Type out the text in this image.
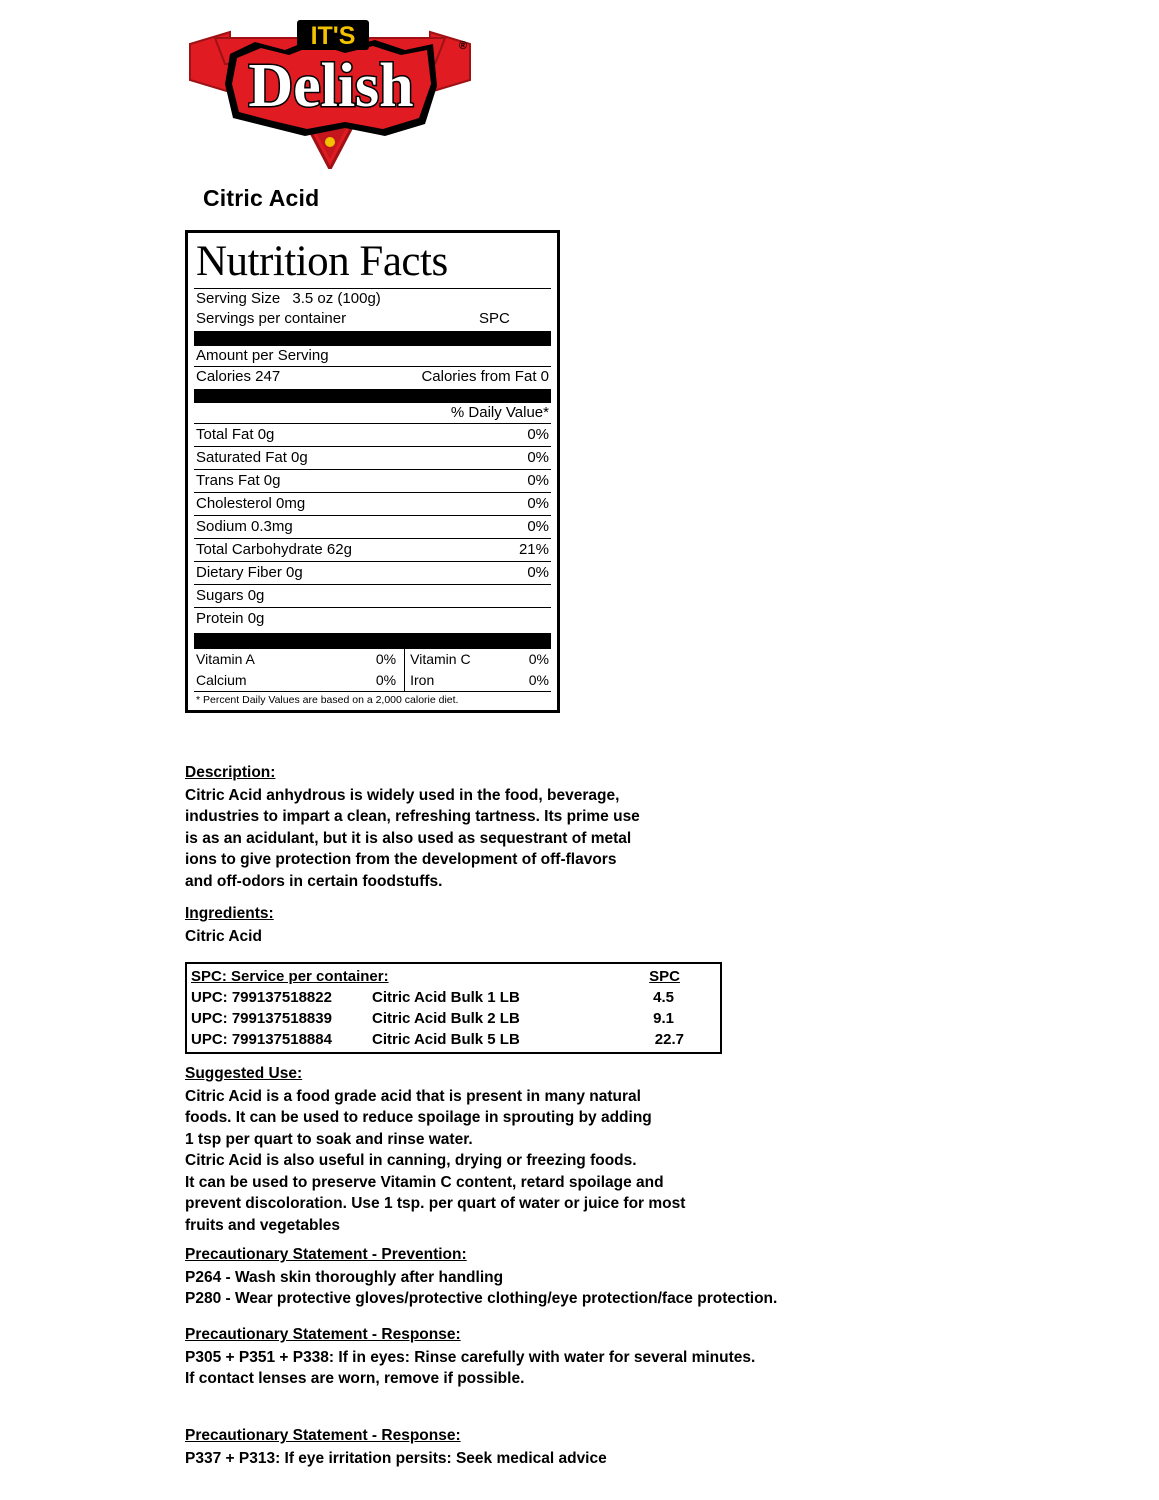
IT'S
Delish
®
Citric Acid
Nutrition Facts
Serving Size 3.5 oz (100g)
Servings per container	SPC
Amount per Serving
Calories 247	Calories from Fat 0
% Daily Value*
Total Fat 0g	0%
Saturated Fat 0g	0%
Trans Fat 0g	0%
Cholesterol 0mg	0%
Sodium 0.3mg	0%
Total Carbohydrate 62g	21%
Dietary Fiber 0g	0%
Sugars 0g
Protein 0g
Vitamin A	0%	Vitamin C	0%
Calcium	0%	Iron	0%
* Percent Daily Values are based on a 2,000 calorie diet.
Description:

Citric Acid anhydrous is widely used in the food, beverage,

industries to impart a clean, refreshing tartness. Its prime use

is as an acidulant, but it is also used as sequestrant of metal

ions to give protection from the development of off-flavors

and off-odors in certain foodstuffs.

Ingredients:

Citric Acid

SPC: Service per container:	SPC
UPC: 799137518822	Citric Acid Bulk 1 LB	4.5
UPC: 799137518839	Citric Acid Bulk 2 LB	9.1
UPC: 799137518884	Citric Acid Bulk 5 LB	22.7
Suggested Use:

Citric Acid is a food grade acid that is present in many natural

foods. It can be used to reduce spoilage in sprouting by adding

1 tsp per quart to soak and rinse water.

Citric Acid is also useful in canning, drying or freezing foods.

It can be used to preserve Vitamin C content, retard spoilage and

prevent discoloration. Use 1 tsp. per quart of water or juice for most

fruits and vegetables

Precautionary Statement - Prevention:

P264 - Wash skin thoroughly after handling

P280 - Wear protective gloves/protective clothing/eye protection/face protection.

Precautionary Statement - Response:

P305 + P351 + P338: If in eyes: Rinse carefully with water for several minutes.

If contact lenses are worn, remove if possible.

Precautionary Statement - Response:

P337 + P313: If eye irritation persits: Seek medical advice
